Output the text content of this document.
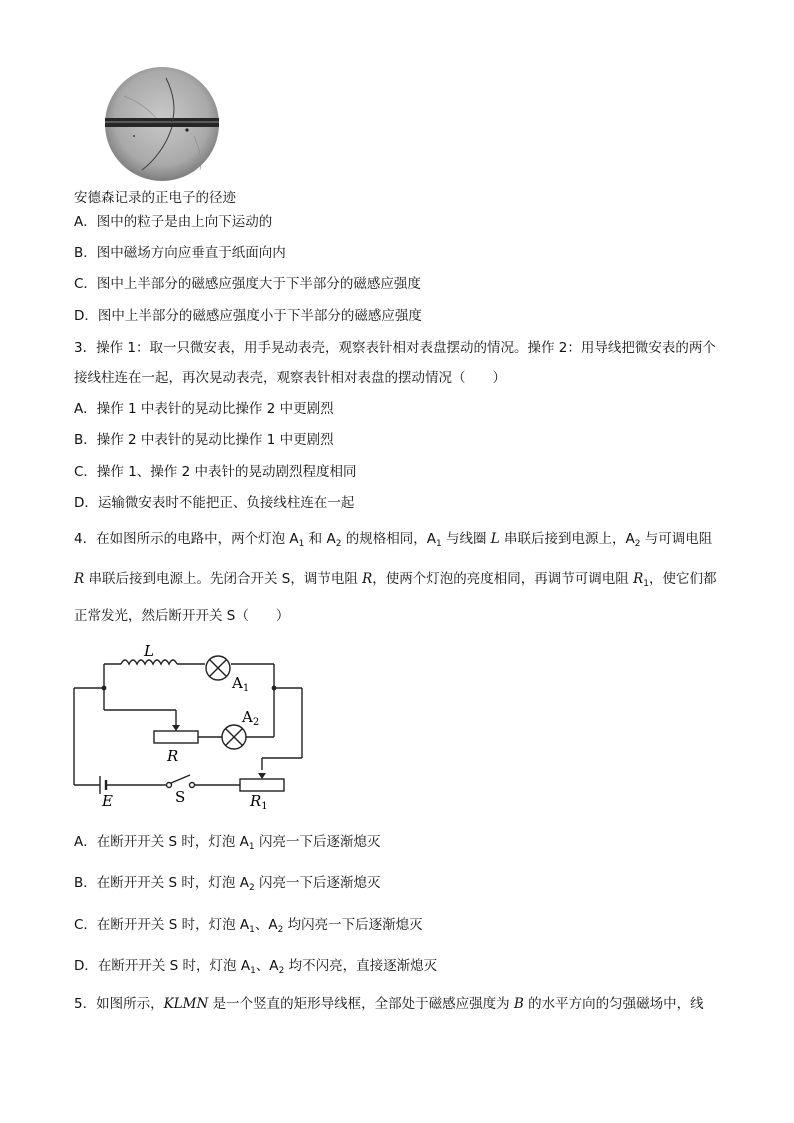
安德森记录的正电子的径迹
A．图中的粒子是由上向下运动的
B．图中磁场方向应垂直于纸面向内
C．图中上半部分的磁感应强度大于下半部分的磁感应强度
D．图中上半部分的磁感应强度小于下半部分的磁感应强度
3．操作 1：取一只微安表，用手晃动表壳，观察表针相对表盘摆动的情况。操作 2：用导线把微安表的两个
接线柱连在一起，再次晃动表壳，观察表针相对表盘的摆动情况（　　）
A．操作 1 中表针的晃动比操作 2 中更剧烈
B．操作 2 中表针的晃动比操作 1 中更剧烈
C．操作 1、操作 2 中表针的晃动剧烈程度相同
D．运输微安表时不能把正、负接线柱连在一起
4．在如图所示的电路中，两个灯泡 $A_1$ 和 $A_2$ 的规格相同，$A_1$ 与线圈 L 串联后接到电源上，$A_2$ 与可调电阻
R 串联后接到电源上。先闭合开关 S，调节电阻 R，使两个灯泡的亮度相同，再调节可调电阻 $R_1$，使它们都
正常发光，然后断开开关 S（　　）
L
$A_1$
$A_2$
R
S
E	$R_1$
A．在断开开关 S 时，灯泡 $A_1$ 闪亮一下后逐渐熄灭
B．在断开开关 S 时，灯泡 $A_2$ 闪亮一下后逐渐熄灭
C．在断开开关 S 时，灯泡 $A_1$、$A_2$ 均闪亮一下后逐渐熄灭
D．在断开开关 S 时，灯泡 $A_1$、$A_2$ 均不闪亮，直接逐渐熄灭
5．如图所示，KLMN 是一个竖直的矩形导线框，全部处于磁感应强度为 B 的水平方向的匀强磁场中，线
